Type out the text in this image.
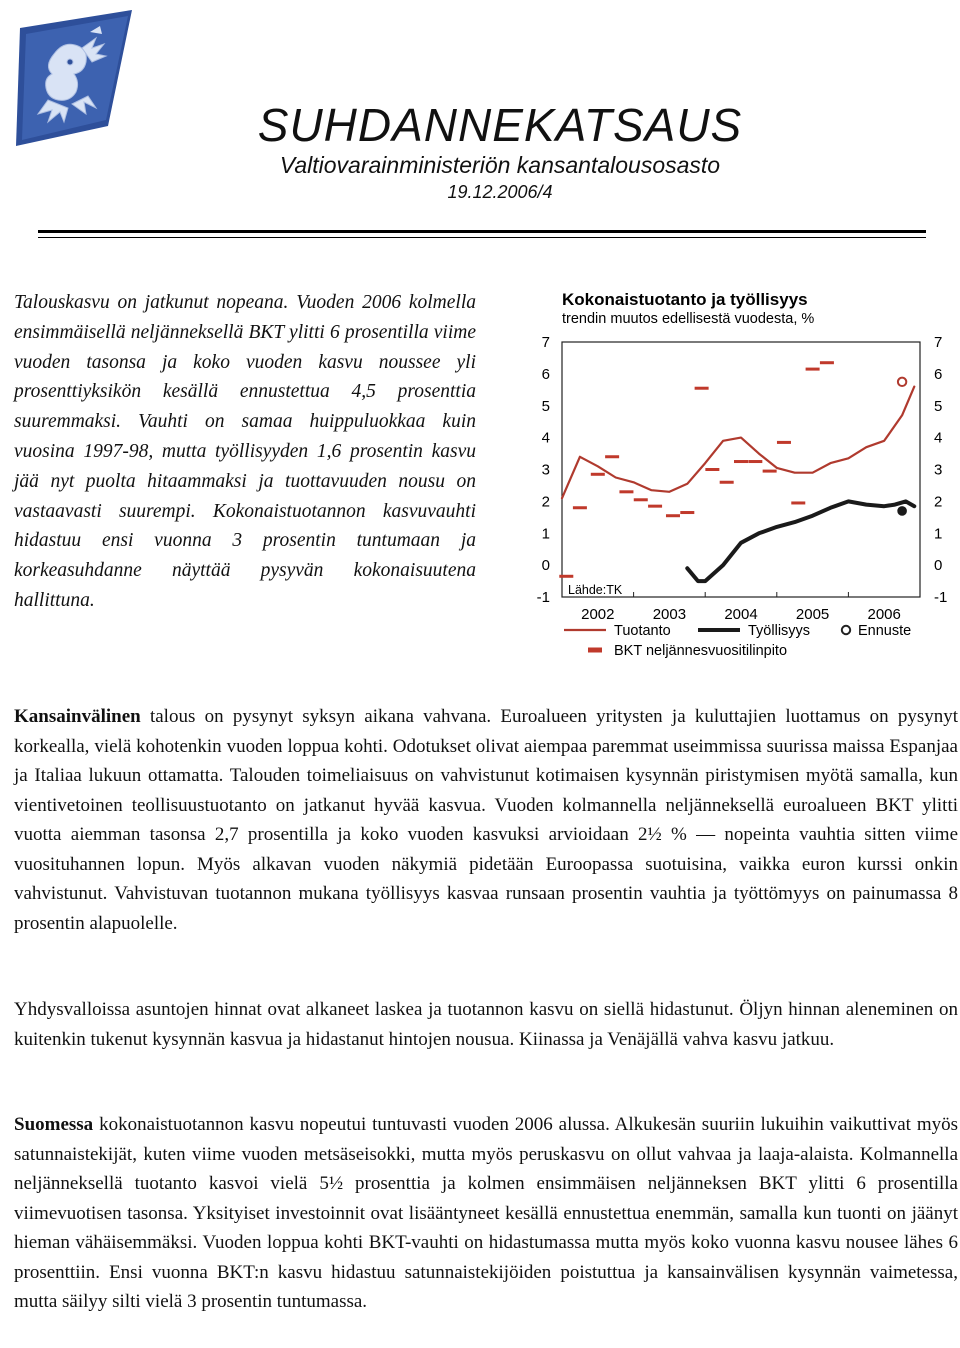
SUHDANNEKATSAUS
Valtiovarainministeriön kansantalousosasto
19.12.2006/4

Talouskasvu on jatkunut nopeana. Vuoden 2006 kolmella ensimmäisellä neljänneksellä BKT ylitti 6 prosentilla viime vuoden tasonsa ja koko vuoden kasvu noussee yli prosenttiyksikön kesällä ennustettua 4,5 prosenttia suuremmaksi. Vauhti on samaa huippuluokkaa kuin vuosina 1997-98, mutta työllisyyden 1,6 prosentin kasvu jää nyt puolta hitaammaksi ja tuottavuuden nousu on vastaavasti suurempi. Kokonaistuotannon kasvuvauhti hidastuu ensi vuonna 3 prosentin tuntumaan ja korkeasuhdanne näyttää pysyvän kokonaisuutena hallittuna.

Kokonaistuotanto ja työllisyys
trendin muutos edellisestä vuodesta, %
7
6
5
4
3
2
1
0
-1
7
6
5
4
3
2
1
0
-1
2002	2003	2004	2005	2006
Lähde:TK
Tuotanto	Työllisyys	Ennuste
BKT neljännesvuositilinpito

Kansainvälinen talous on pysynyt syksyn aikana vahvana. Euroalueen yritysten ja kuluttajien luottamus on pysynyt korkealla, vielä kohotenkin vuoden loppua kohti. Odotukset olivat aiempaa paremmat useimmissa suurissa maissa Espanjaa ja Italiaa lukuun ottamatta. Talouden toimeliaisuus on vahvistunut kotimaisen kysynnän piristymisen myötä samalla, kun vientivetoinen teollisuustuotanto on jatkanut hyvää kasvua. Vuoden kolmannella neljänneksellä euroalueen BKT ylitti vuotta aiemman tasonsa 2,7 prosentilla ja koko vuoden kasvuksi arvioidaan 2½ % — nopeinta vauhtia sitten viime vuosituhannen lopun. Myös alkavan vuoden näkymiä pidetään Euroopassa suotuisina, vaikka euron kurssi onkin vahvistunut. Vahvistuvan tuotannon mukana työllisyys kasvaa runsaan prosentin vauhtia ja työttömyys on painumassa 8 prosentin alapuolelle.

Yhdysvalloissa asuntojen hinnat ovat alkaneet laskea ja tuotannon kasvu on siellä hidastunut. Öljyn hinnan aleneminen on kuitenkin tukenut kysynnän kasvua ja hidastanut hintojen nousua. Kiinassa ja Venäjällä vahva kasvu jatkuu.

Suomessa kokonaistuotannon kasvu nopeutui tuntuvasti vuoden 2006 alussa. Alkukesän suuriin lukuihin vaikuttivat myös satunnaistekijät, kuten viime vuoden metsäseisokki, mutta myös peruskasvu on ollut vahvaa ja laaja-alaista. Kolmannella neljänneksellä tuotanto kasvoi vielä 5½ prosenttia ja kolmen ensimmäisen neljänneksen BKT ylitti 6 prosentilla viimevuotisen tasonsa. Yksityiset investoinnit ovat lisääntyneet kesällä ennustettua enemmän, samalla kun tuonti on jäänyt hieman vähäisemmäksi. Vuoden loppua kohti BKT-vauhti on hidastumassa mutta myös koko vuonna kasvu nousee lähes 6 prosenttiin. Ensi vuonna BKT:n kasvu hidastuu satunnaistekijöiden poistuttua ja kansainvälisen kysynnän vaimetessa, mutta säilyy silti vielä 3 prosentin tuntumassa.
